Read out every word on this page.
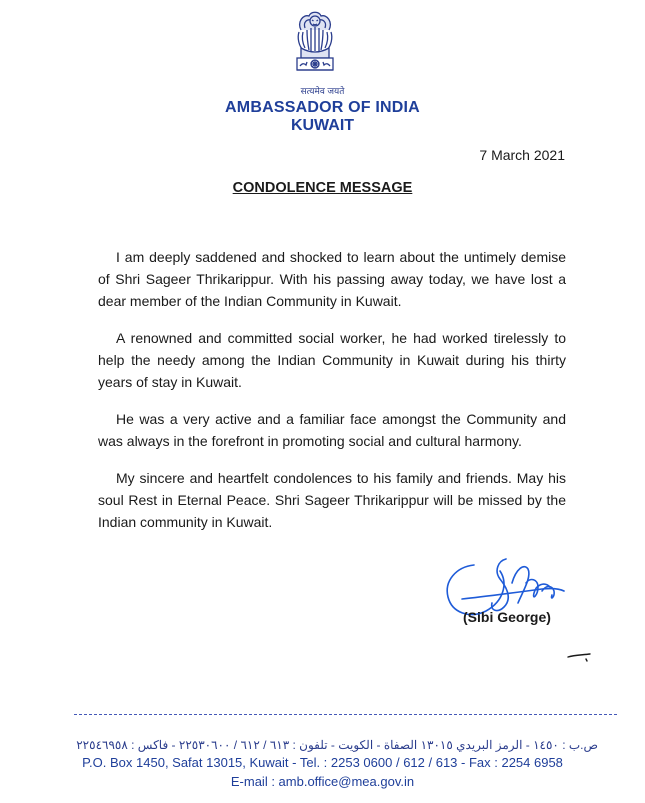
सत्यमेव जयते
AMBASSADOR OF INDIA
KUWAIT
7 March 2021
CONDOLENCE MESSAGE

I am deeply saddened and shocked to learn about the untimely demise of Shri Sageer Thrikarippur. With his passing away today, we have lost a dear member of the Indian Community in Kuwait.

A renowned and committed social worker, he had worked tirelessly to help the needy among the Indian Community in Kuwait during his thirty years of stay in Kuwait.

He was a very active and a familiar face amongst the Community and was always in the forefront in promoting social and cultural harmony.

My sincere and heartfelt condolences to his family and friends. May his soul Rest in Eternal Peace. Shri Sageer Thrikarippur will be missed by the Indian community in Kuwait.

(Sibi George)
ص.ب : ١٤٥٠ - الرمز البريدي ١٣٠١٥ الصفاة - الكويت - تلفون : ٦١٣ / ٦١٢ / ٢٢٥٣٠٦٠٠ - فاكس : ٢٢٥٤٦٩٥٨
P.O. Box 1450, Safat 13015, Kuwait - Tel. : 2253 0600 / 612 / 613 - Fax : 2254 6958
E-mail : amb.office@mea.gov.in
